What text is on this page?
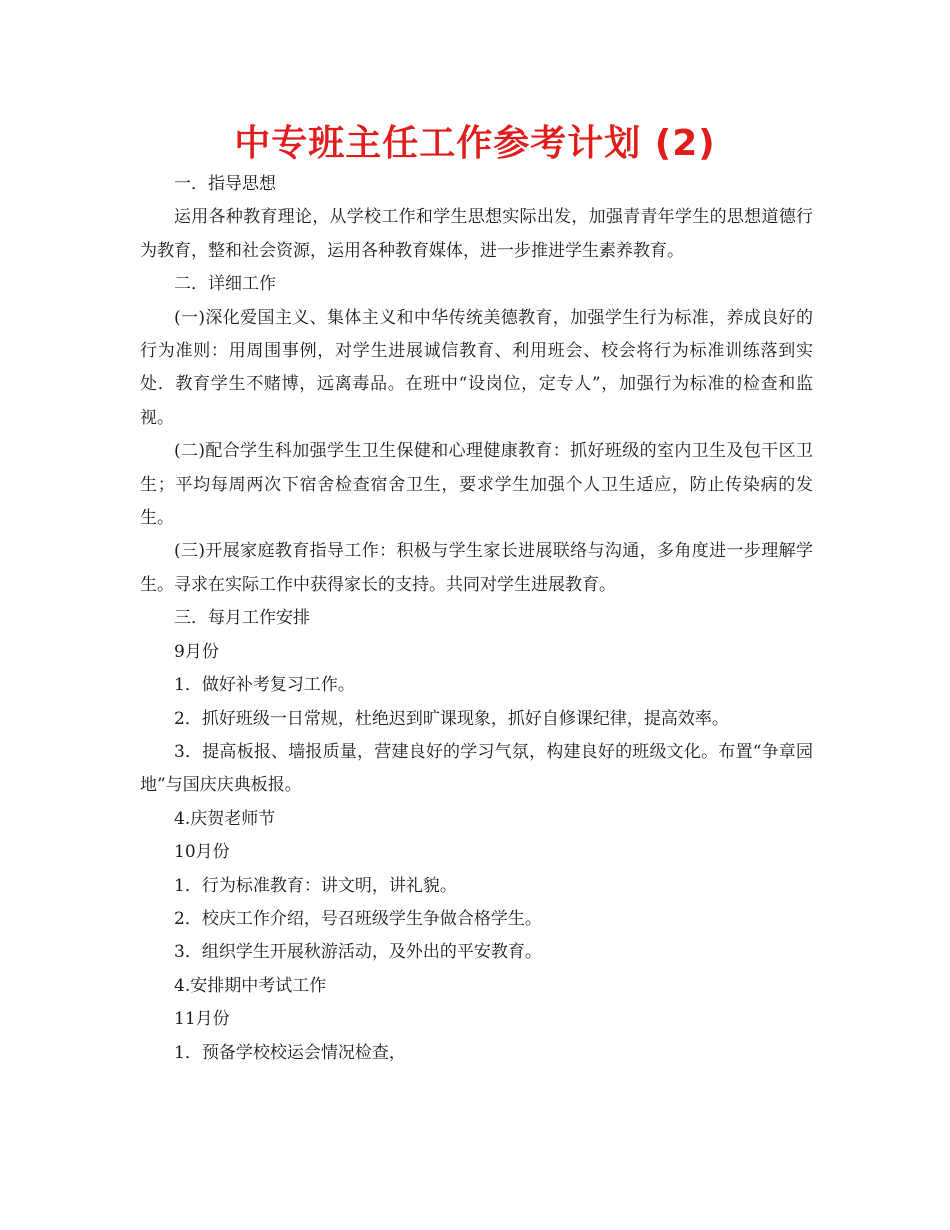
中专班主任工作参考计划 (2)

一．指导思想

运用各种教育理论，从学校工作和学生思想实际出发，加强青青年学生的思想道德行为教育，整和社会资源，运用各种教育媒体，进一步推进学生素养教育。

二．详细工作

(一)深化爱国主义、集体主义和中华传统美德教育，加强学生行为标准，养成良好的行为准则：用周围事例，对学生进展诚信教育、利用班会、校会将行为标准训练落到实处．教育学生不赌博，远离毒品。在班中“设岗位，定专人”，加强行为标准的检查和监视。

(二)配合学生科加强学生卫生保健和心理健康教育：抓好班级的室内卫生及包干区卫生；平均每周两次下宿舍检查宿舍卫生，要求学生加强个人卫生适应，防止传染病的发生。

(三)开展家庭教育指导工作：积极与学生家长进展联络与沟通，多角度进一步理解学生。寻求在实际工作中获得家长的支持。共同对学生进展教育。

三．每月工作安排

9月份

1．做好补考复习工作。

2．抓好班级一日常规，杜绝迟到旷课现象，抓好自修课纪律，提高效率。

3．提高板报、墙报质量，营建良好的学习气氛，构建良好的班级文化。布置“争章园地”与国庆庆典板报。

4.庆贺老师节

10月份

1．行为标准教育：讲文明，讲礼貌。

2．校庆工作介绍，号召班级学生争做合格学生。

3．组织学生开展秋游活动，及外出的平安教育。

4.安排期中考试工作

11月份

1．预备学校校运会情况检查，
